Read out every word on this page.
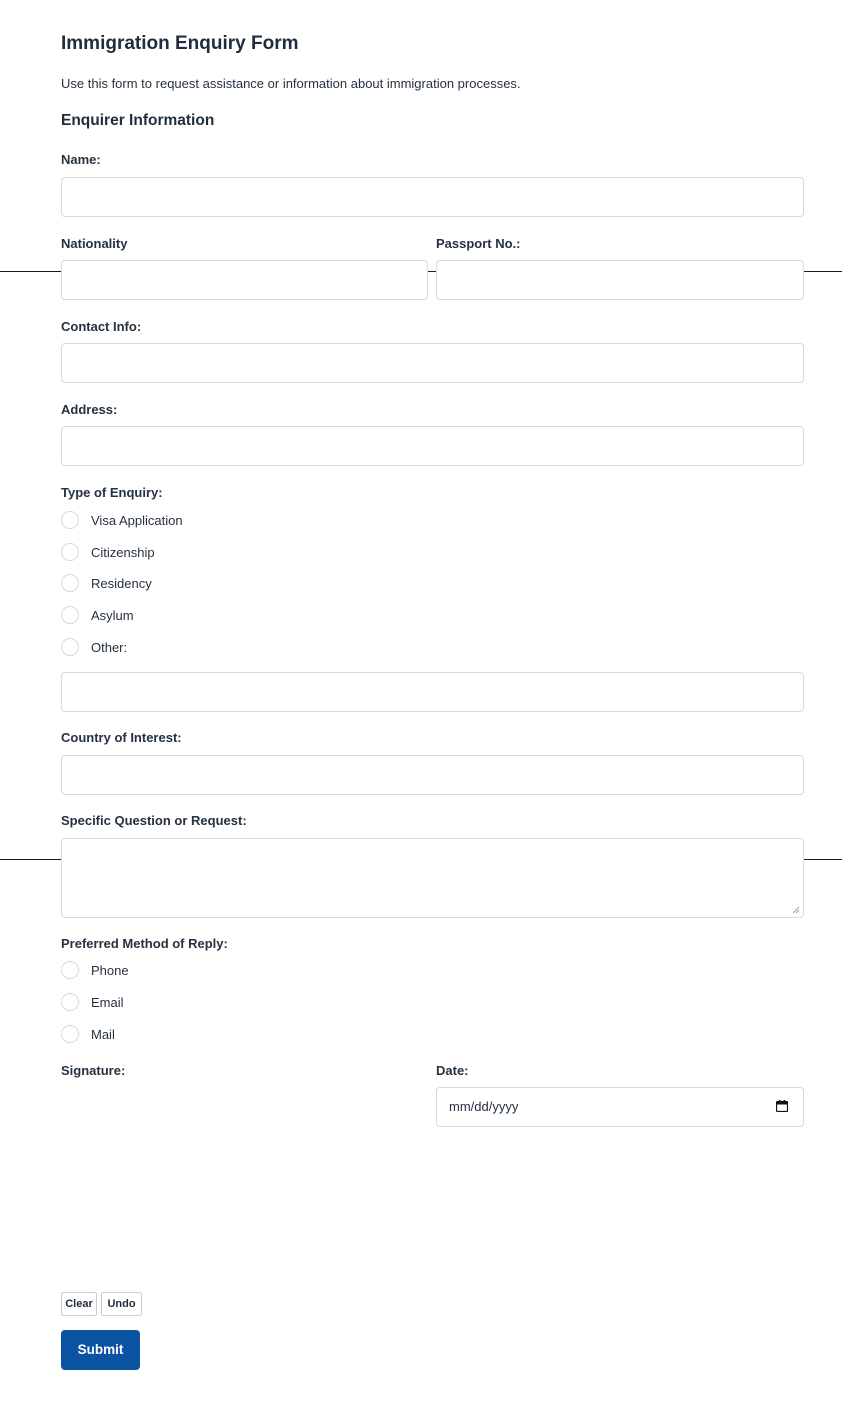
Immigration Enquiry Form
Use this form to request assistance or information about immigration processes.
Enquirer Information
Name:
Nationality	Passport No.:
Contact Info:
Address:
Type of Enquiry:
Visa Application
Citizenship
Residency
Asylum
Other:
Country of Interest:
Specific Question or Request:
Preferred Method of Reply:
Phone
Email
Mail
Signature:	Date:
mm/dd/yyyy
Clear	Undo
Submit
